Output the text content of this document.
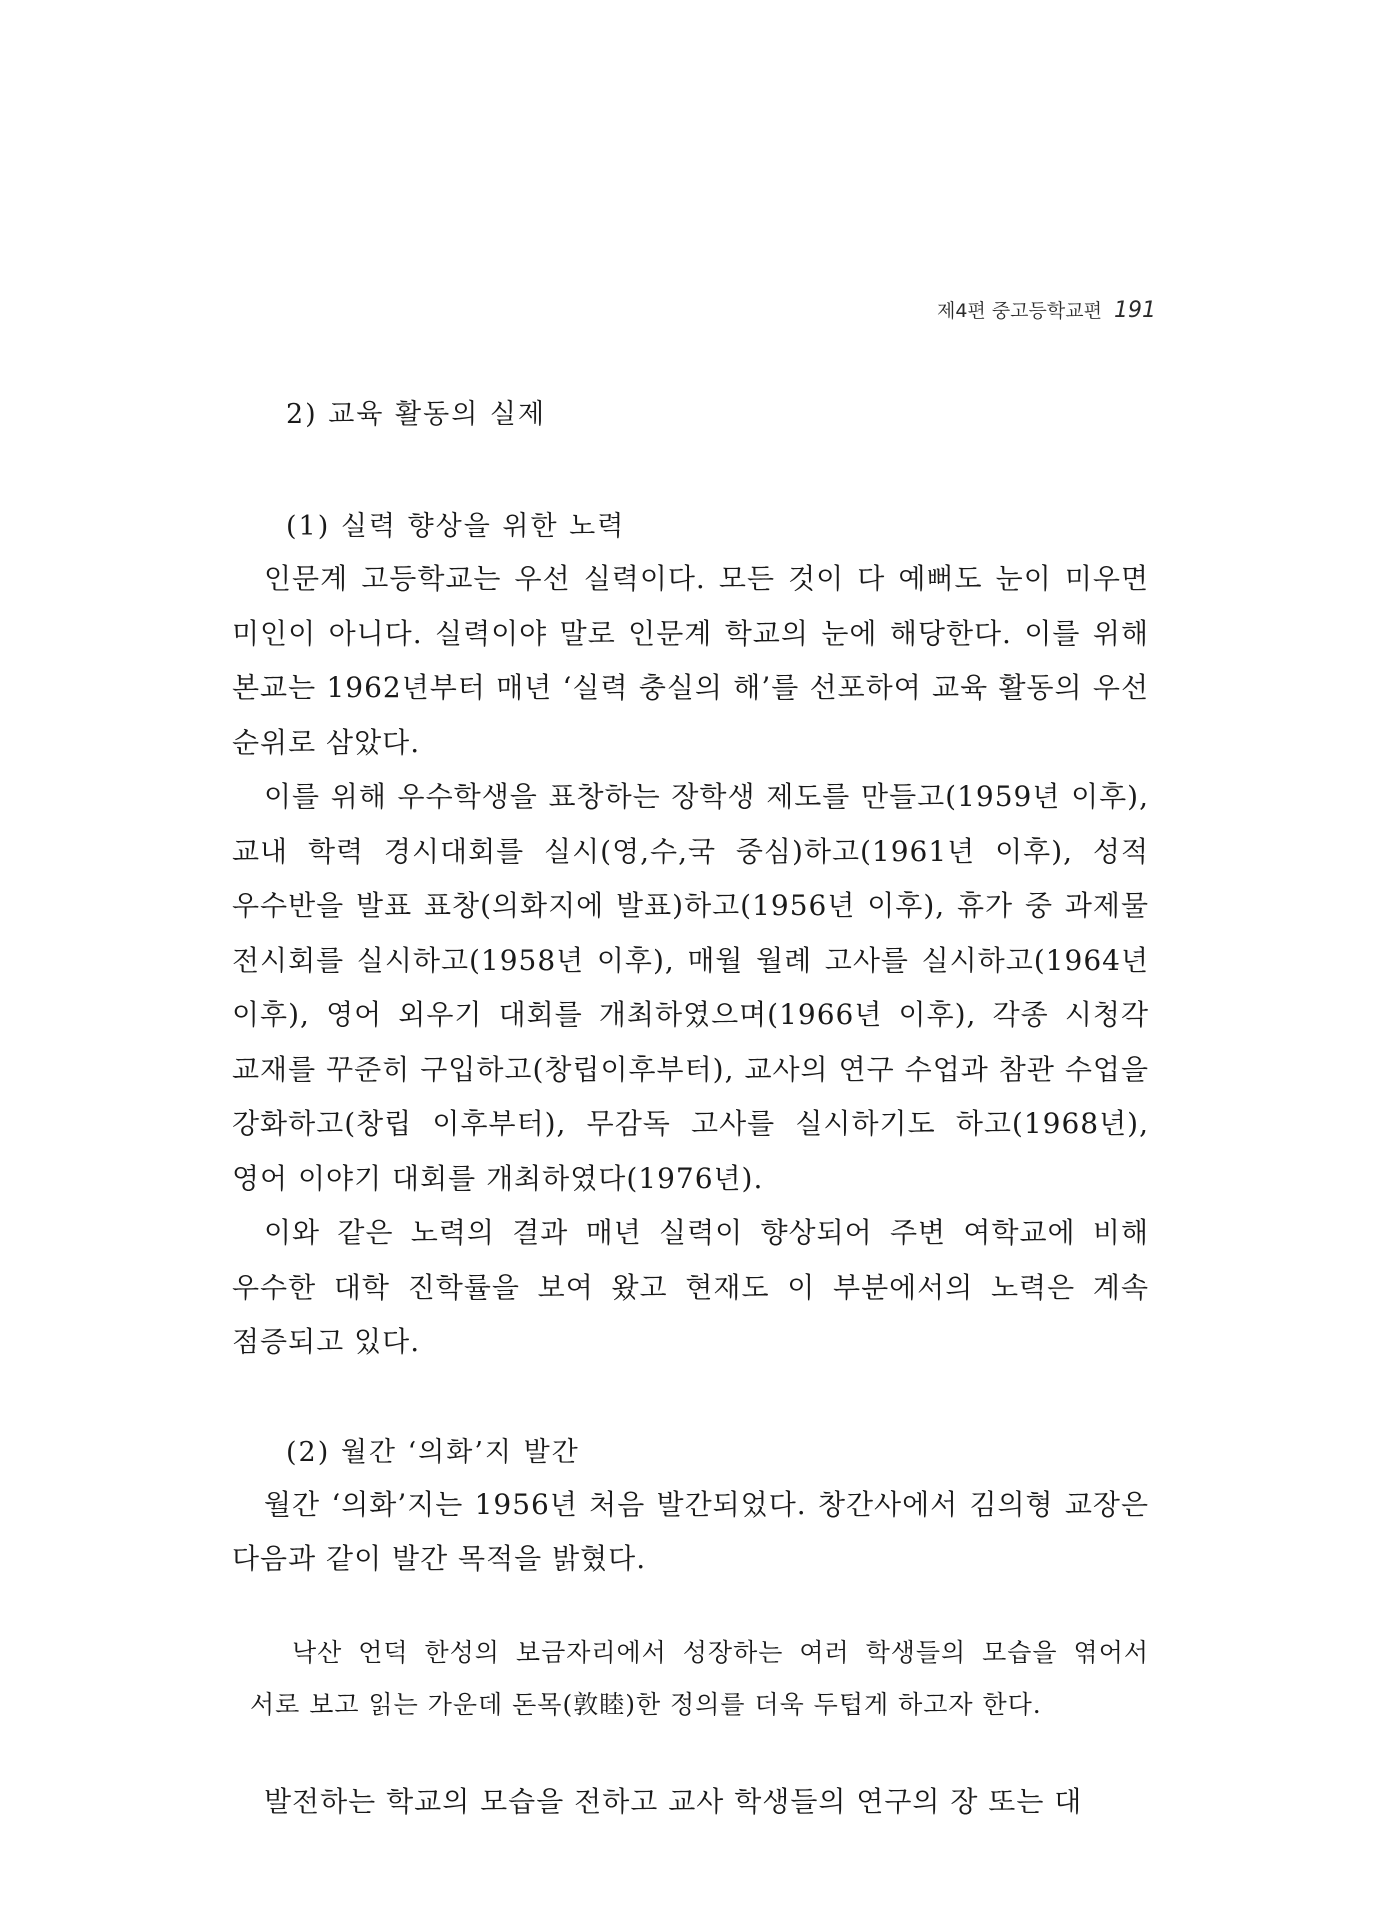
제4편 중고등학교편 191
2) 교육 활동의 실제
(1) 실력 향상을 위한 노력

인문계 고등학교는 우선 실력이다. 모든 것이 다 예뻐도 눈이 미우면 미인이 아니다. 실력이야 말로 인문계 학교의 눈에 해당한다. 이를 위해 본교는 1962년부터 매년 ‘실력 충실의 해’를 선포하여 교육 활동의 우선 순위로 삼았다.

이를 위해 우수학생을 표창하는 장학생 제도를 만들고(1959년 이후), 교내 학력 경시대회를 실시(영,수,국 중심)하고(1961년 이후), 성적 우수반을 발표 표창(의화지에 발표)하고(1956년 이후), 휴가 중 과제물 전시회를 실시하고(1958년 이후), 매월 월례 고사를 실시하고(1964년 이후), 영어 외우기 대회를 개최하였으며(1966년 이후), 각종 시청각 교재를 꾸준히 구입하고(창립이후부터), 교사의 연구 수업과 참관 수업을 강화하고(창립 이후부터), 무감독 고사를 실시하기도 하고(1968년), 영어 이야기 대회를 개최하였다(1976년).

이와 같은 노력의 결과 매년 실력이 향상되어 주변 여학교에 비해 우수한 대학 진학률을 보여 왔고 현재도 이 부분에서의 노력은 계속 점증되고 있다.

(2) 월간 ‘의화’지 발간

월간 ‘의화’지는 1956년 처음 발간되었다. 창간사에서 김의형 교장은 다음과 같이 발간 목적을 밝혔다.

낙산 언덕 한성의 보금자리에서 성장하는 여러 학생들의 모습을 엮어서 서로 보고 읽는 가운데 돈목(敦睦)한 정의를 더욱 두텁게 하고자 한다.

발전하는 학교의 모습을 전하고 교사 학생들의 연구의 장 또는 대
